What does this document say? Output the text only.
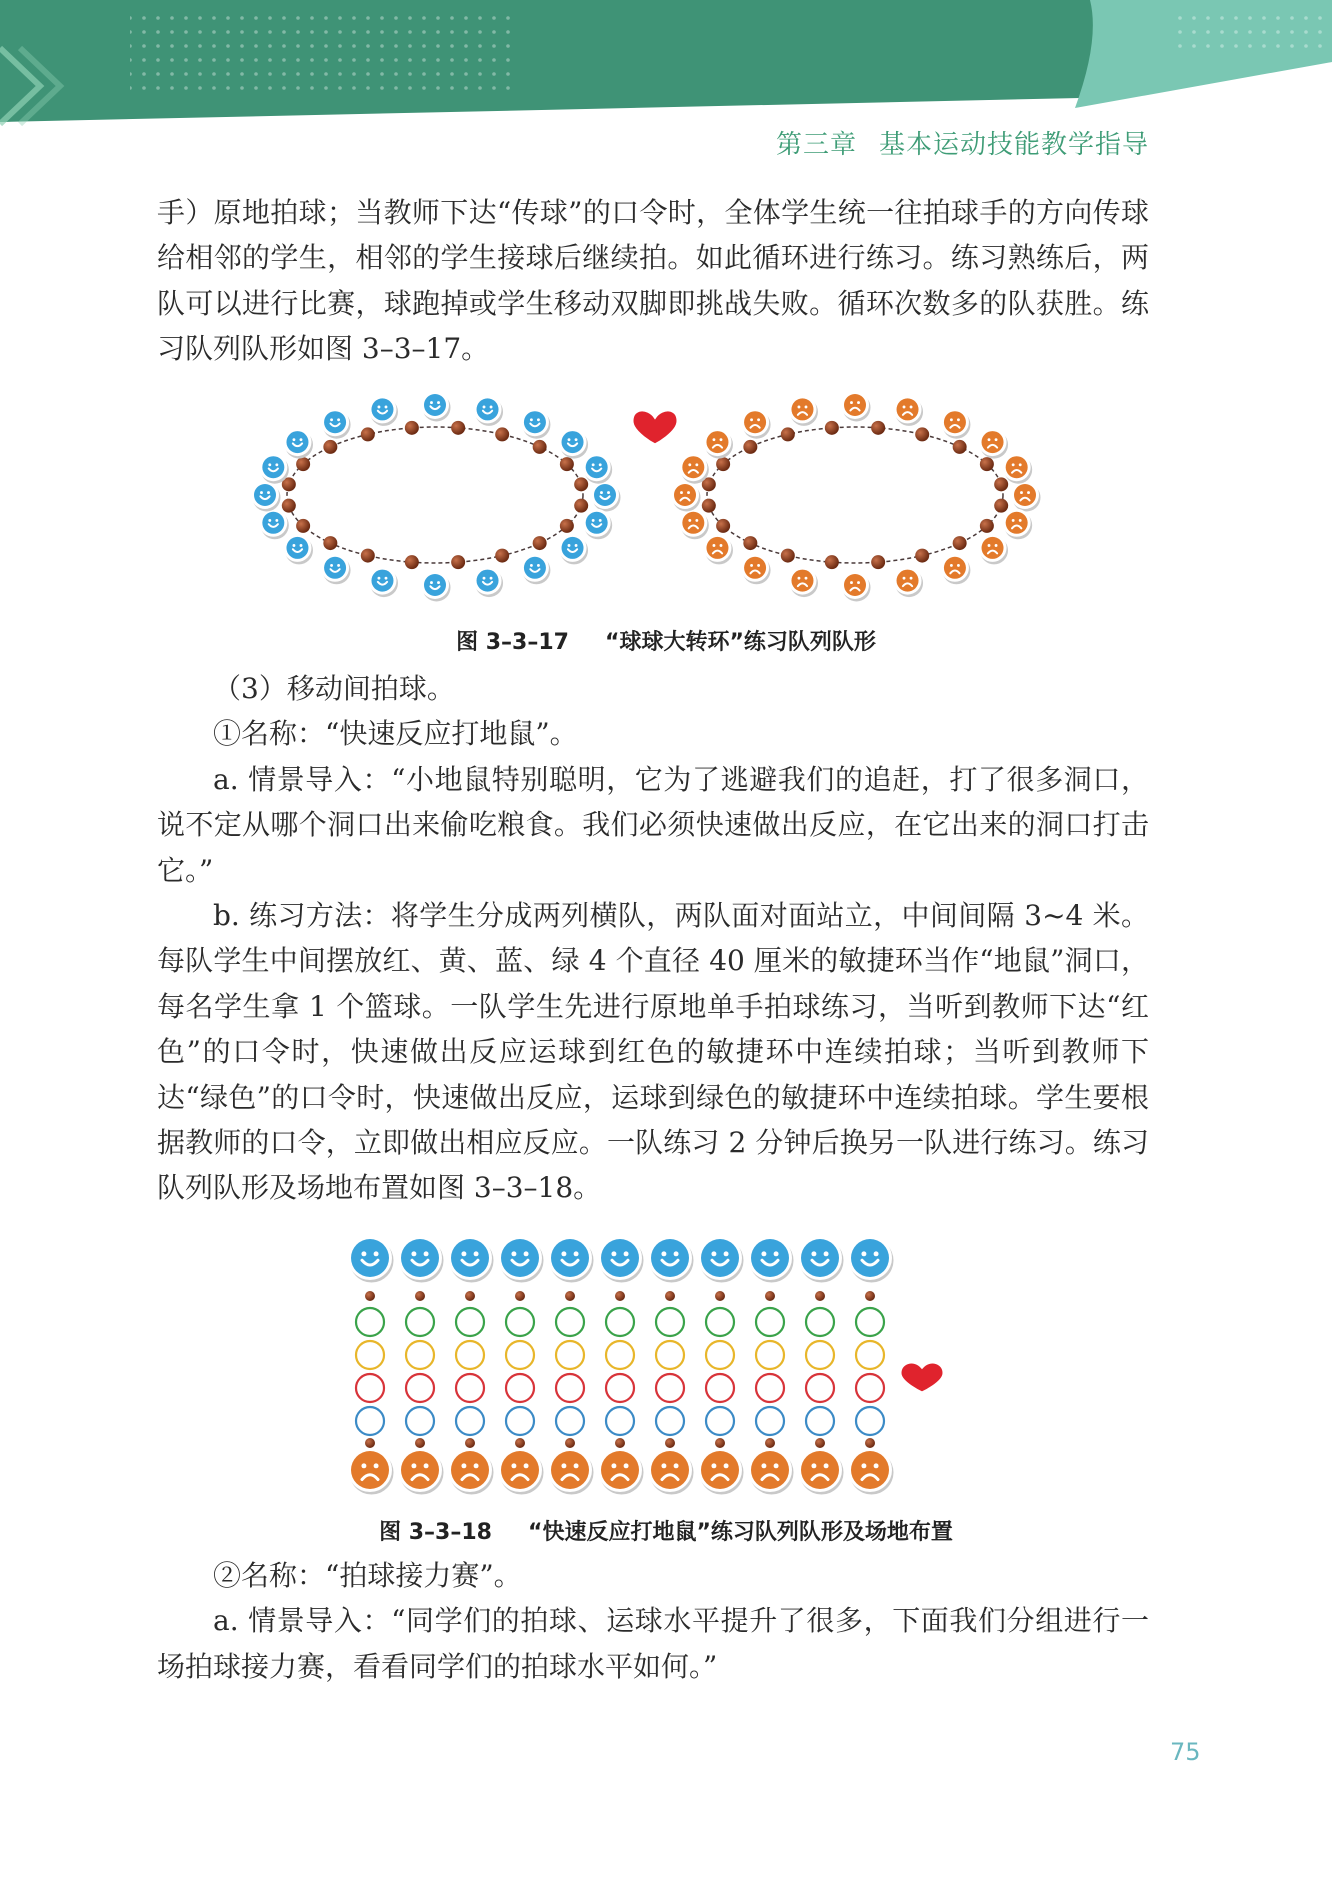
第三章 基本运动技能教学指导

手）原地拍球；当教师下达“传球”的口令时，全体学生统一往拍球手的方向传球给相邻的学生，相邻的学生接球后继续拍。如此循环进行练习。练习熟练后，两队可以进行比赛，球跑掉或学生移动双脚即挑战失败。循环次数多的队获胜。练习队列队形如图 3–3–17。

图 3–3–17 “球球大转环”练习队列队形

（3）移动间拍球。

①名称：“快速反应打地鼠”。

a. 情景导入：“小地鼠特别聪明，它为了逃避我们的追赶，打了很多洞口，说不定从哪个洞口出来偷吃粮食。我们必须快速做出反应，在它出来的洞口打击它。”

b. 练习方法：将学生分成两列横队，两队面对面站立，中间间隔 3~4 米。每队学生中间摆放红、黄、蓝、绿 4 个直径 40 厘米的敏捷环当作“地鼠”洞口，每名学生拿 1 个篮球。一队学生先进行原地单手拍球练习，当听到教师下达“红色”的口令时，快速做出反应运球到红色的敏捷环中连续拍球；当听到教师下达“绿色”的口令时，快速做出反应，运球到绿色的敏捷环中连续拍球。学生要根据教师的口令，立即做出相应反应。一队练习 2 分钟后换另一队进行练习。练习队列队形及场地布置如图 3–3–18。

图 3–3–18 “快速反应打地鼠”练习队列队形及场地布置

②名称：“拍球接力赛”。

a. 情景导入：“同学们的拍球、运球水平提升了很多，下面我们分组进行一场拍球接力赛，看看同学们的拍球水平如何。”

75
